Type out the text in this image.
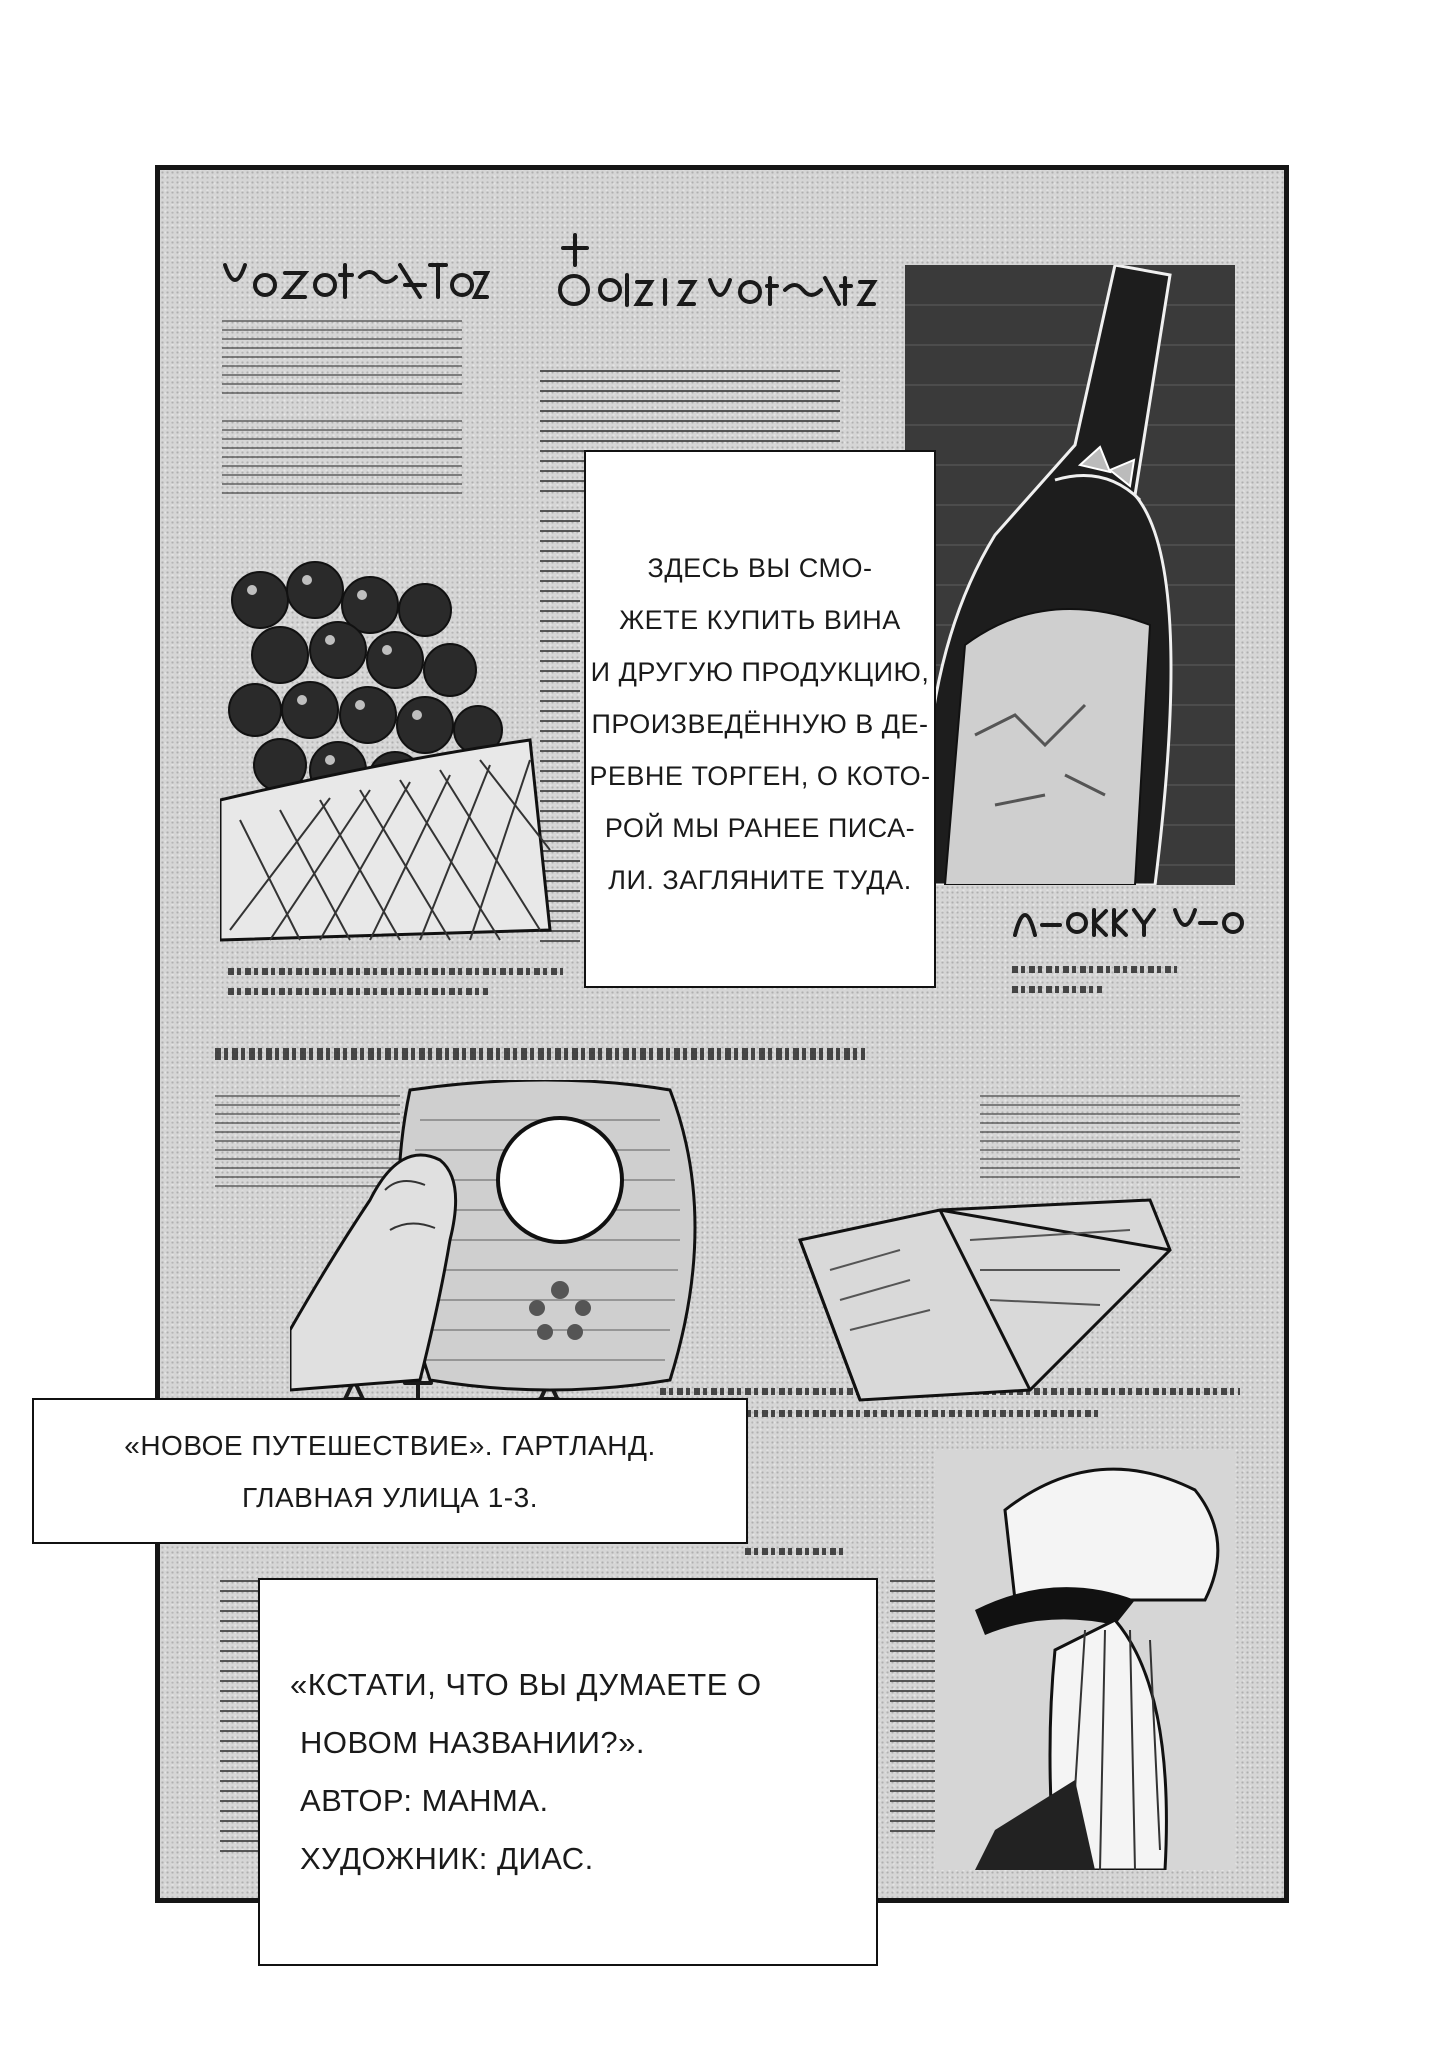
ЗДЕСЬ ВЫ СМО-
ЖЕТЕ КУПИТЬ ВИНА
И ДРУГУЮ ПРОДУКЦИЮ,
ПРОИЗВЕДЁННУЮ В ДЕ-
РЕВНЕ ТОРГЕН, О КОТО-
РОЙ МЫ РАНЕЕ ПИСА-
ЛИ. ЗАГЛЯНИТЕ ТУДА.
«НОВОЕ ПУТЕШЕСТВИЕ». ГАРТЛАНД.
ГЛАВНАЯ УЛИЦА 1-3.
«КСТАТИ, ЧТО ВЫ ДУМАЕТЕ О
НОВОМ НАЗВАНИИ?».
АВТОР: МАНМА.
ХУДОЖНИК: ДИАС.
